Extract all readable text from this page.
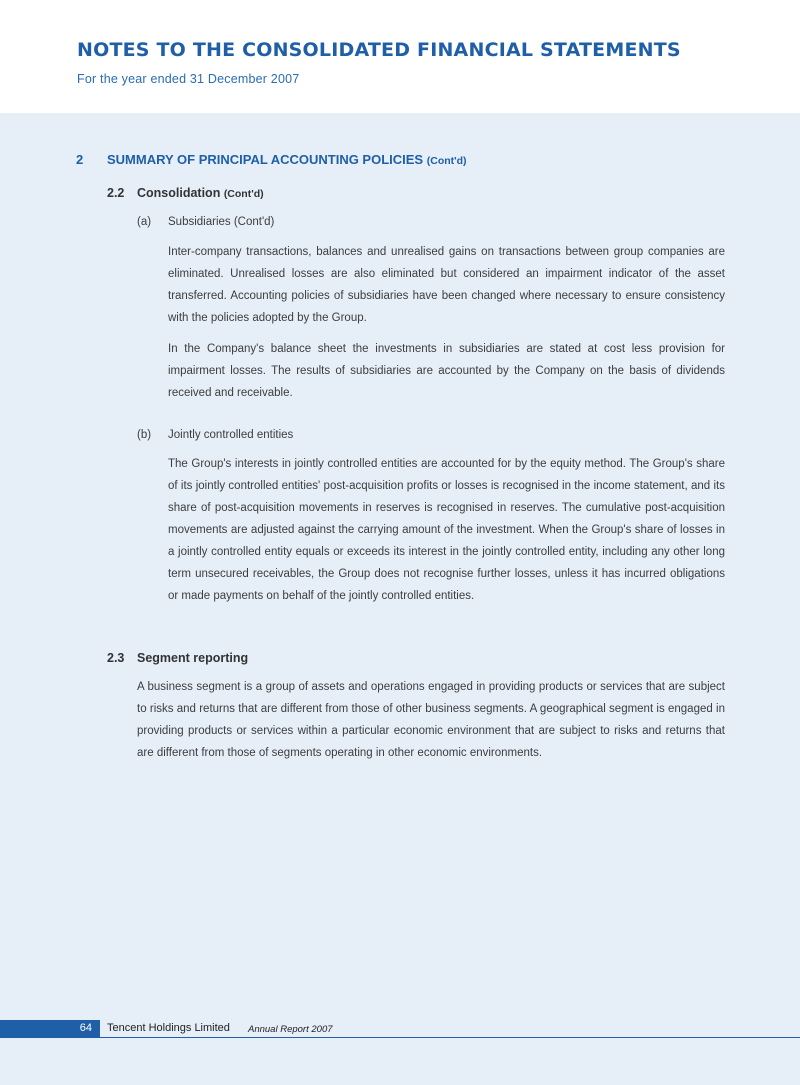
NOTES TO THE CONSOLIDATED FINANCIAL STATEMENTS

For the year ended 31 December 2007

2 SUMMARY OF PRINCIPAL ACCOUNTING POLICIES (Cont'd)
2.2 Consolidation (Cont'd)
(a) Subsidiaries (Cont'd)

Inter-company transactions, balances and unrealised gains on transactions between group companies are eliminated. Unrealised losses are also eliminated but considered an impairment indicator of the asset transferred. Accounting policies of subsidiaries have been changed where necessary to ensure consistency with the policies adopted by the Group.

In the Company's balance sheet the investments in subsidiaries are stated at cost less provision for impairment losses. The results of subsidiaries are accounted by the Company on the basis of dividends received and receivable.

(b) Jointly controlled entities

The Group's interests in jointly controlled entities are accounted for by the equity method. The Group's share of its jointly controlled entities' post-acquisition profits or losses is recognised in the income statement, and its share of post-acquisition movements in reserves is recognised in reserves. The cumulative post-acquisition movements are adjusted against the carrying amount of the investment. When the Group's share of losses in a jointly controlled entity equals or exceeds its interest in the jointly controlled entity, including any other long term unsecured receivables, the Group does not recognise further losses, unless it has incurred obligations or made payments on behalf of the jointly controlled entities.

2.3 Segment reporting

A business segment is a group of assets and operations engaged in providing products or services that are subject to risks and returns that are different from those of other business segments. A geographical segment is engaged in providing products or services within a particular economic environment that are subject to risks and returns that are different from those of segments operating in other economic environments.

64 Tencent Holdings Limited Annual Report 2007
